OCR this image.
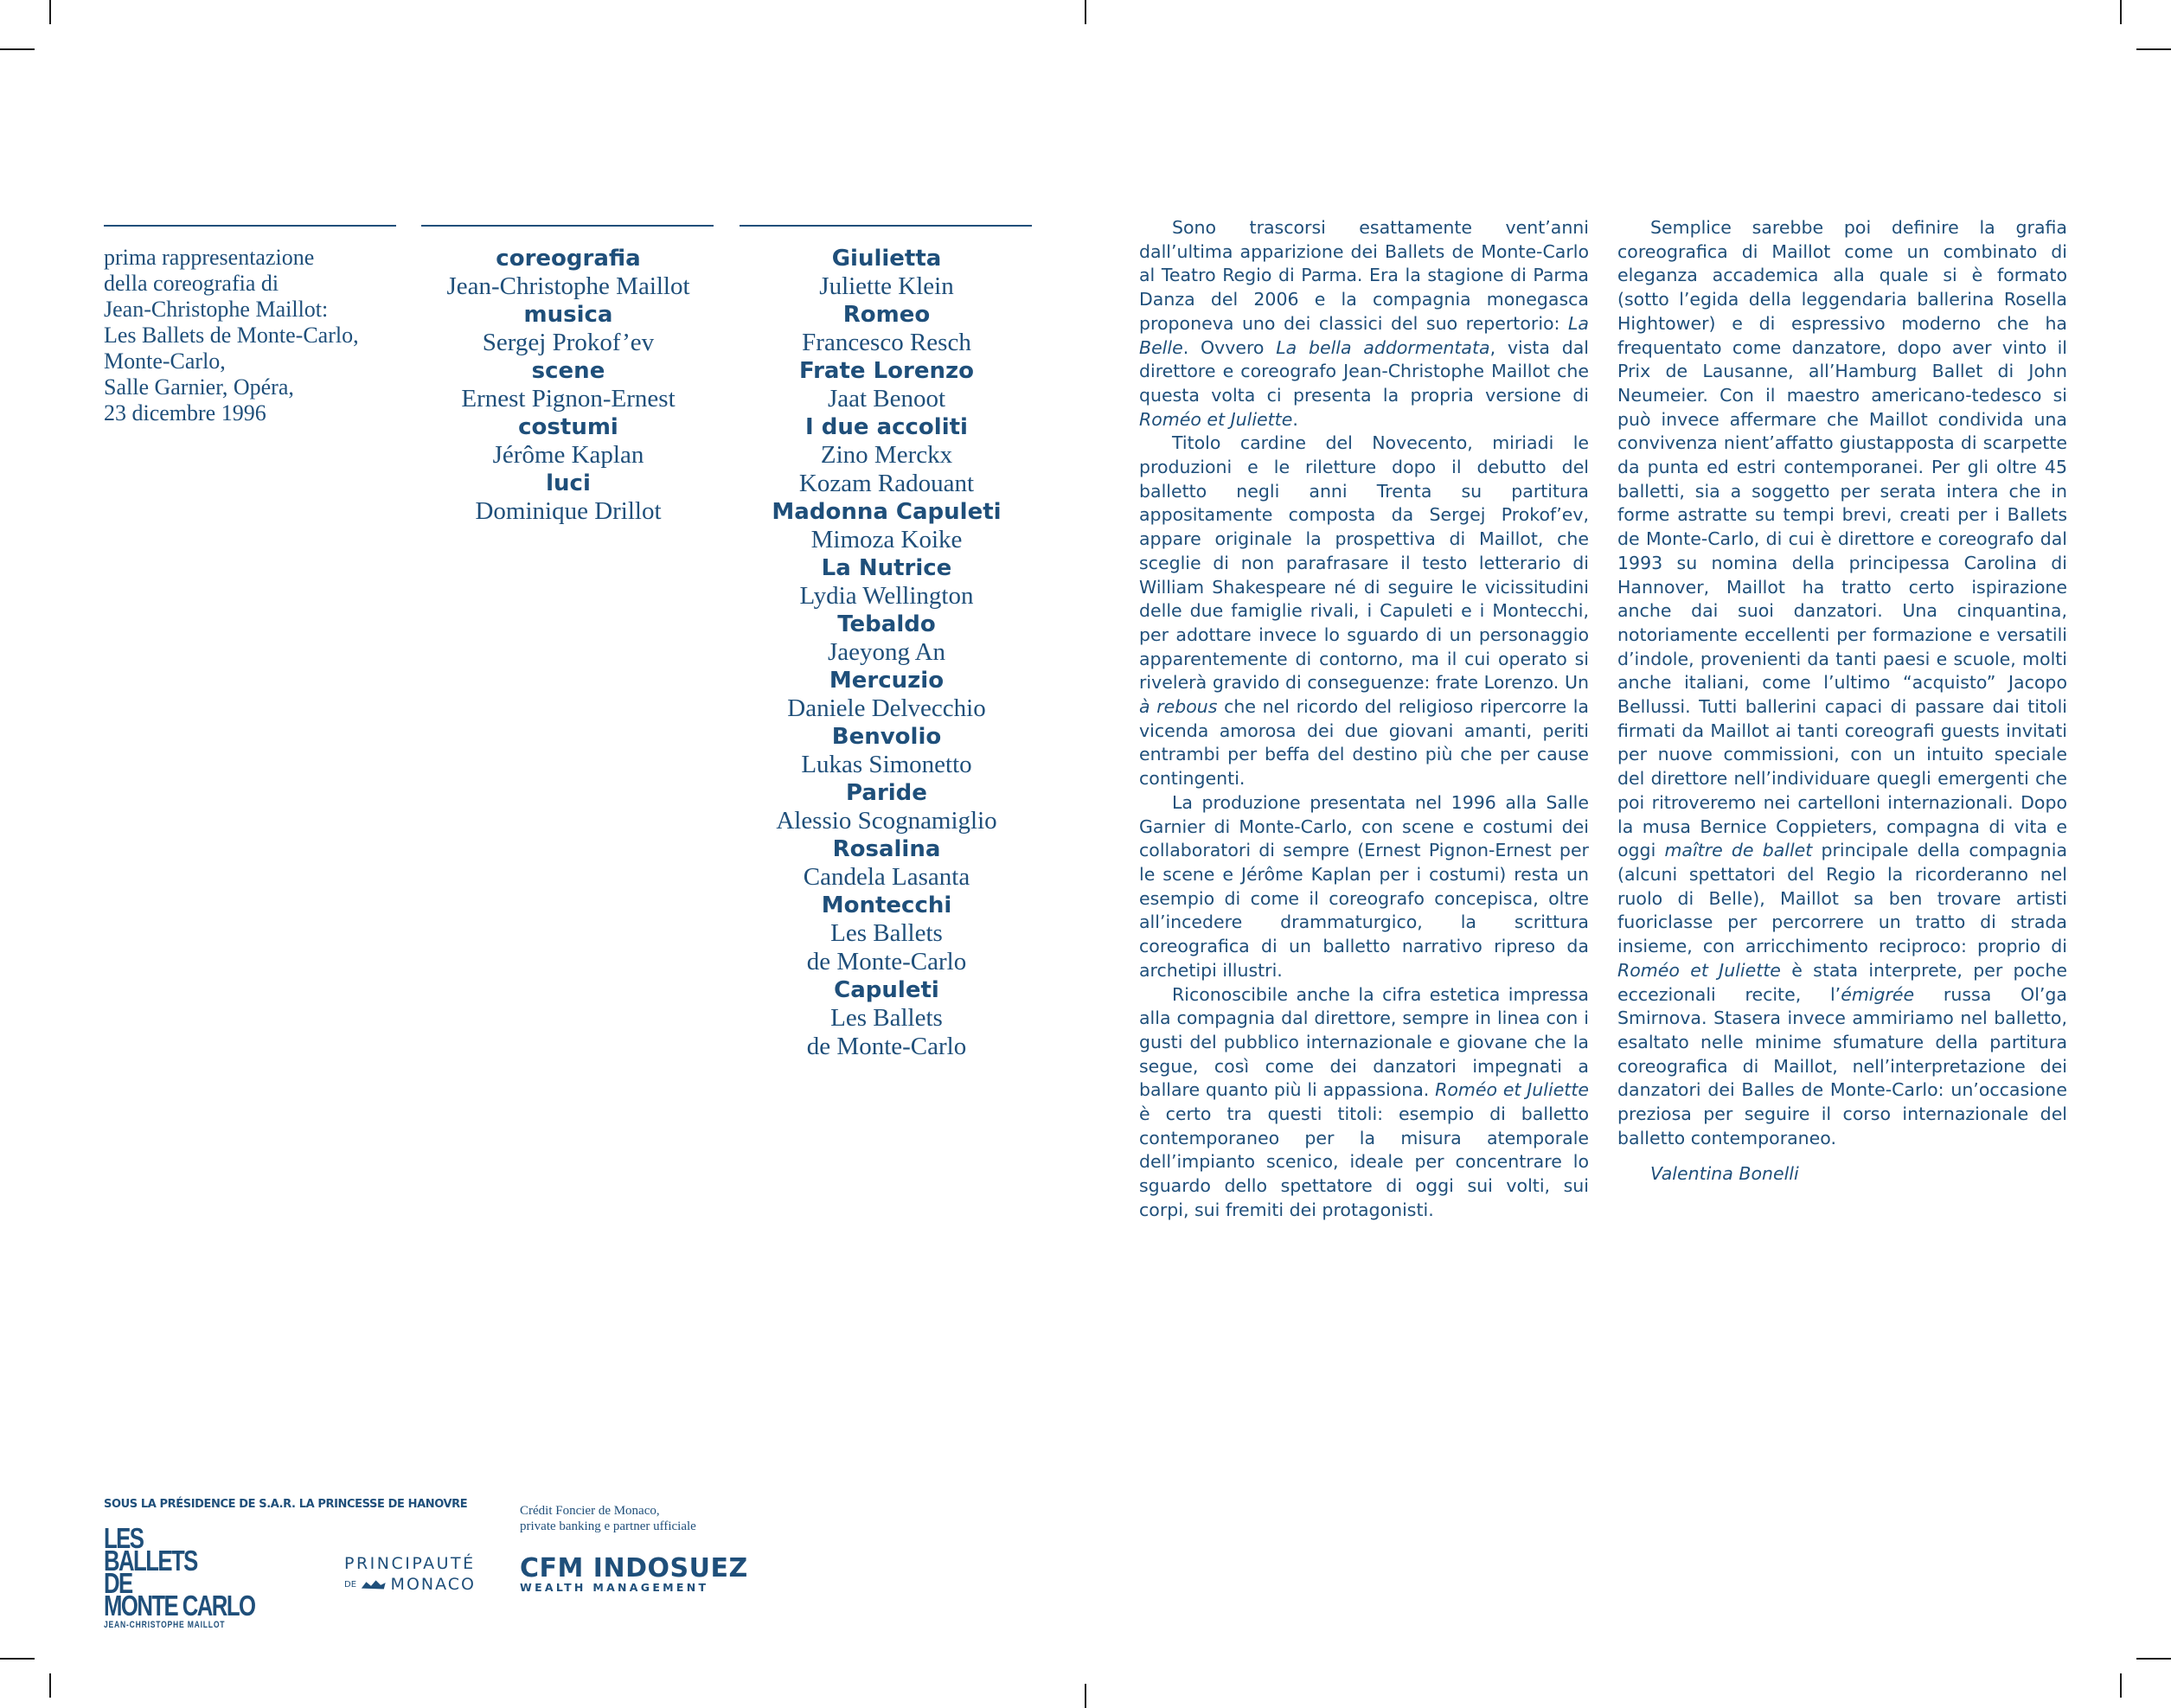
prima rappresentazione
della coreografia di
Jean-Christophe Maillot:
Les Ballets de Monte-Carlo,
Monte-Carlo,
Salle Garnier, Opéra,
23 dicembre 1996
coreografia
Jean-Christophe Maillot
musica
Sergej Prokof’ev
scene
Ernest Pignon-Ernest
costumi
Jérôme Kaplan
luci
Dominique Drillot
Giulietta
Juliette Klein
Romeo
Francesco Resch
Frate Lorenzo
Jaat Benoot
I due accoliti
Zino Merckx
Kozam Radouant
Madonna Capuleti
Mimoza Koike
La Nutrice
Lydia Wellington
Tebaldo
Jaeyong An
Mercuzio
Daniele Delvecchio
Benvolio
Lukas Simonetto
Paride
Alessio Scognamiglio
Rosalina
Candela Lasanta
Montecchi
Les Ballets
de Monte-Carlo
Capuleti
Les Ballets
de Monte-Carlo

Sono trascorsi esattamente vent’anni dall’ultima apparizione dei Ballets de Monte-Carlo al Teatro Regio di Parma. Era la stagione di Parma Danza del 2006 e la compagnia monegasca proponeva uno dei classici del suo repertorio: La Belle. Ovvero La bella addormentata, vista dal direttore e coreografo Jean-Christophe Maillot che questa volta ci presenta la propria versione di Roméo et Juliette.

Titolo cardine del Novecento, miriadi le produzioni e le riletture dopo il debutto del balletto negli anni Trenta su partitura appositamente composta da Sergej Prokof’ev, appare originale la prospettiva di Maillot, che sceglie di non parafrasare il testo letterario di William Shakespeare né di seguire le vicissitudini delle due famiglie rivali, i Capuleti e i Montecchi, per adottare invece lo sguardo di un personaggio apparentemente di contorno, ma il cui operato si rivelerà gravido di conseguenze: frate Lorenzo. Un à rebous che nel ricordo del religioso ripercorre la vicenda amorosa dei due giovani amanti, periti entrambi per beffa del destino più che per cause contingenti.

La produzione presentata nel 1996 alla Salle Garnier di Monte-Carlo, con scene e costumi dei collaboratori di sempre (Ernest Pignon-Ernest per le scene e Jérôme Kaplan per i costumi) resta un esempio di come il coreografo concepisca, oltre all’incedere drammaturgico, la scrittura coreografica di un balletto narrativo ripreso da archetipi illustri.

Riconoscibile anche la cifra estetica impressa alla compagnia dal direttore, sempre in linea con i gusti del pubblico internazionale e giovane che la segue, così come dei danzatori impegnati a ballare quanto più li appassiona. Roméo et Juliette è certo tra questi titoli: esempio di balletto contemporaneo per la misura atemporale dell’impianto scenico, ideale per concentrare lo sguardo dello spettatore di oggi sui volti, sui corpi, sui fremiti dei protagonisti.

Semplice sarebbe poi definire la grafia coreografica di Maillot come un combinato di eleganza accademica alla quale si è formato (sotto l’egida della leggendaria ballerina Rosella Hightower) e di espressivo moderno che ha frequentato come danzatore, dopo aver vinto il Prix de Lausanne, all’Hamburg Ballet di John Neumeier. Con il maestro americano-tedesco si può invece affermare che Maillot condivida una convivenza nient’affatto giustapposta di scarpette da punta ed estri contemporanei. Per gli oltre 45 balletti, sia a soggetto per serata intera che in forme astratte su tempi brevi, creati per i Ballets de Monte-Carlo, di cui è direttore e coreografo dal 1993 su nomina della principessa Carolina di Hannover, Maillot ha tratto certo ispirazione anche dai suoi danzatori. Una cinquantina, notoriamente eccellenti per formazione e versatili d’indole, provenienti da tanti paesi e scuole, molti anche italiani, come l’ultimo “acquisto” Jacopo Bellussi. Tutti ballerini capaci di passare dai titoli firmati da Maillot ai tanti coreografi guests invitati per nuove commissioni, con un intuito speciale del direttore nell’individuare quegli emergenti che poi ritroveremo nei cartelloni internazionali. Dopo la musa Bernice Coppieters, compagna di vita e oggi maître de ballet principale della compagnia (alcuni spettatori del Regio la ricorderanno nel ruolo di Belle), Maillot sa ben trovare artisti fuoriclasse per percorrere un tratto di strada insieme, con arricchimento reciproco: proprio di Roméo et Juliette è stata interprete, per poche eccezionali recite, l’émigrée russa Ol’ga Smirnova. Stasera invece ammiriamo nel balletto, esaltato nelle minime sfumature della partitura coreografica di Maillot, nell’interpretazione dei danzatori dei Balles de Monte-Carlo: un’occasione preziosa per seguire il corso internazionale del balletto contemporaneo.

Valentina Bonelli
SOUS LA PRÉSIDENCE DE S.A.R. LA PRINCESSE DE HANOVRE
LES
BALLETS
DE
MONTE CARLO
JEAN-CHRISTOPHE MAILLOT
PRINCIPAUTÉ
DE MONACO
Crédit Foncier de Monaco,
private banking e partner ufficiale
CFM INDOSUEZ
WEALTH MANAGEMENT
